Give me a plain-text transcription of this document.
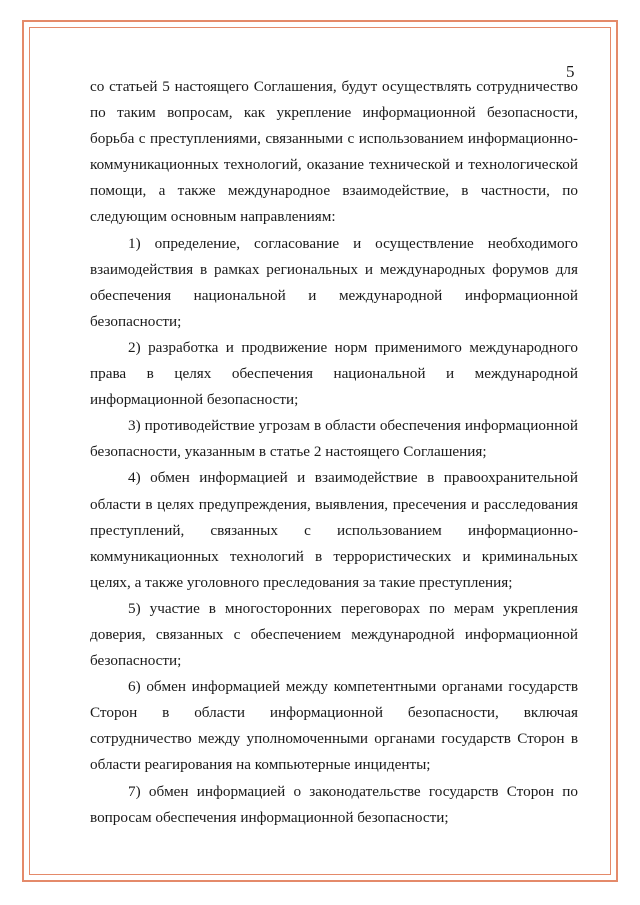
5

со статьей 5 настоящего Соглашения, будут осуществлять сотрудничество по таким вопросам, как укрепление информационной безопасности, борьба с преступлениями, связанными с использованием информационно-коммуникационных технологий, оказание технической и технологической помощи, а также международное взаимодействие, в частности, по следующим основным направлениям:

1) определение, согласование и осуществление необходимого взаимодействия в рамках региональных и международных форумов для обеспечения национальной и международной информационной безопасности;

2) разработка и продвижение норм применимого международного права в целях обеспечения национальной и международной информационной безопасности;

3) противодействие угрозам в области обеспечения информационной безопасности, указанным в статье 2 настоящего Соглашения;

4) обмен информацией и взаимодействие в правоохранительной области в целях предупреждения, выявления, пресечения и расследования преступлений, связанных с использованием информационно-коммуникационных технологий в террористических и криминальных целях, а также уголовного преследования за такие преступления;

5) участие в многосторонних переговорах по мерам укрепления доверия, связанных с обеспечением международной информационной безопасности;

6) обмен информацией между компетентными органами государств Сторон в области информационной безопасности, включая сотрудничество между уполномоченными органами государств Сторон в области реагирования на компьютерные инциденты;

7) обмен информацией о законодательстве государств Сторон по вопросам обеспечения информационной безопасности;
